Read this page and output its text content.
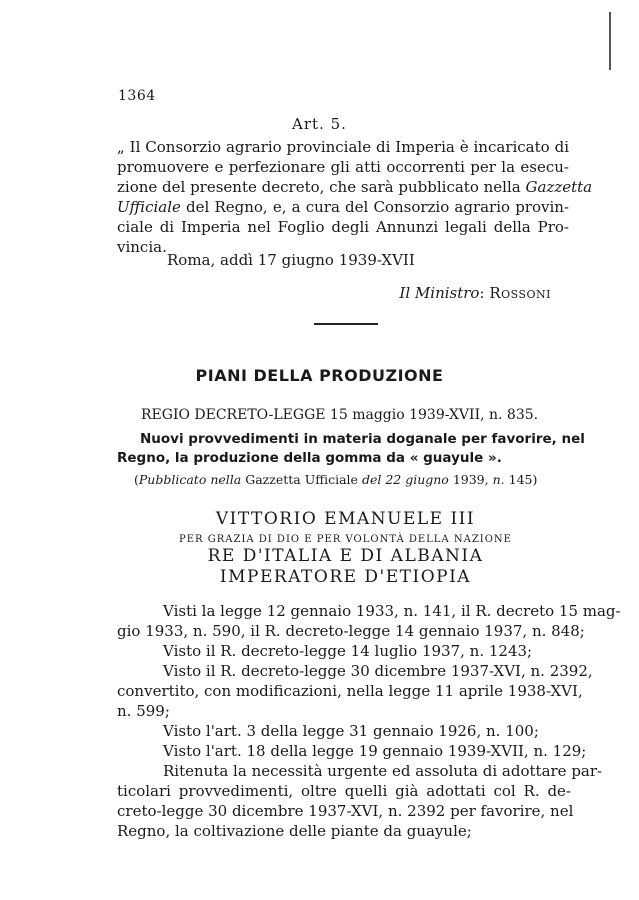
1364
Art. 5.
„ Il Consorzio agrario provinciale di Imperia è incaricato di
promuovere e perfezionare gli atti occorrenti per la esecu-
zione del presente decreto, che sarà pubblicato nella Gazzetta
Ufficiale del Regno, e, a cura del Consorzio agrario provin-
ciale di Imperia nel Foglio degli Annunzi legali della Pro-
vincia.
Roma, addì 17 giugno 1939-XVII
Il Ministro: Rossoni
PIANI DELLA PRODUZIONE
REGIO DECRETO-LEGGE 15 maggio 1939-XVII, n. 835.
Nuovi provvedimenti in materia doganale per favorire, nel
Regno, la produzione della gomma da « guayule ».
(Pubblicato nella Gazzetta Ufficiale del 22 giugno 1939, n. 145)
VITTORIO EMANUELE III
PER GRAZIA DI DIO E PER VOLONTÀ DELLA NAZIONE
RE D'ITALIA E DI ALBANIA
IMPERATORE D'ETIOPIA
Visti la legge 12 gennaio 1933, n. 141, il R. decreto 15 mag-
gio 1933, n. 590, il R. decreto-legge 14 gennaio 1937, n. 848;
Visto il R. decreto-legge 14 luglio 1937, n. 1243;
Visto il R. decreto-legge 30 dicembre 1937-XVI, n. 2392,
convertito, con modificazioni, nella legge 11 aprile 1938-XVI,
n. 599;
Visto l'art. 3 della legge 31 gennaio 1926, n. 100;
Visto l'art. 18 della legge 19 gennaio 1939-XVII, n. 129;
Ritenuta la necessità urgente ed assoluta di adottare par-
ticolari provvedimenti, oltre quelli già adottati col R. de-
creto-legge 30 dicembre 1937-XVI, n. 2392 per favorire, nel
Regno, la coltivazione delle piante da guayule;
